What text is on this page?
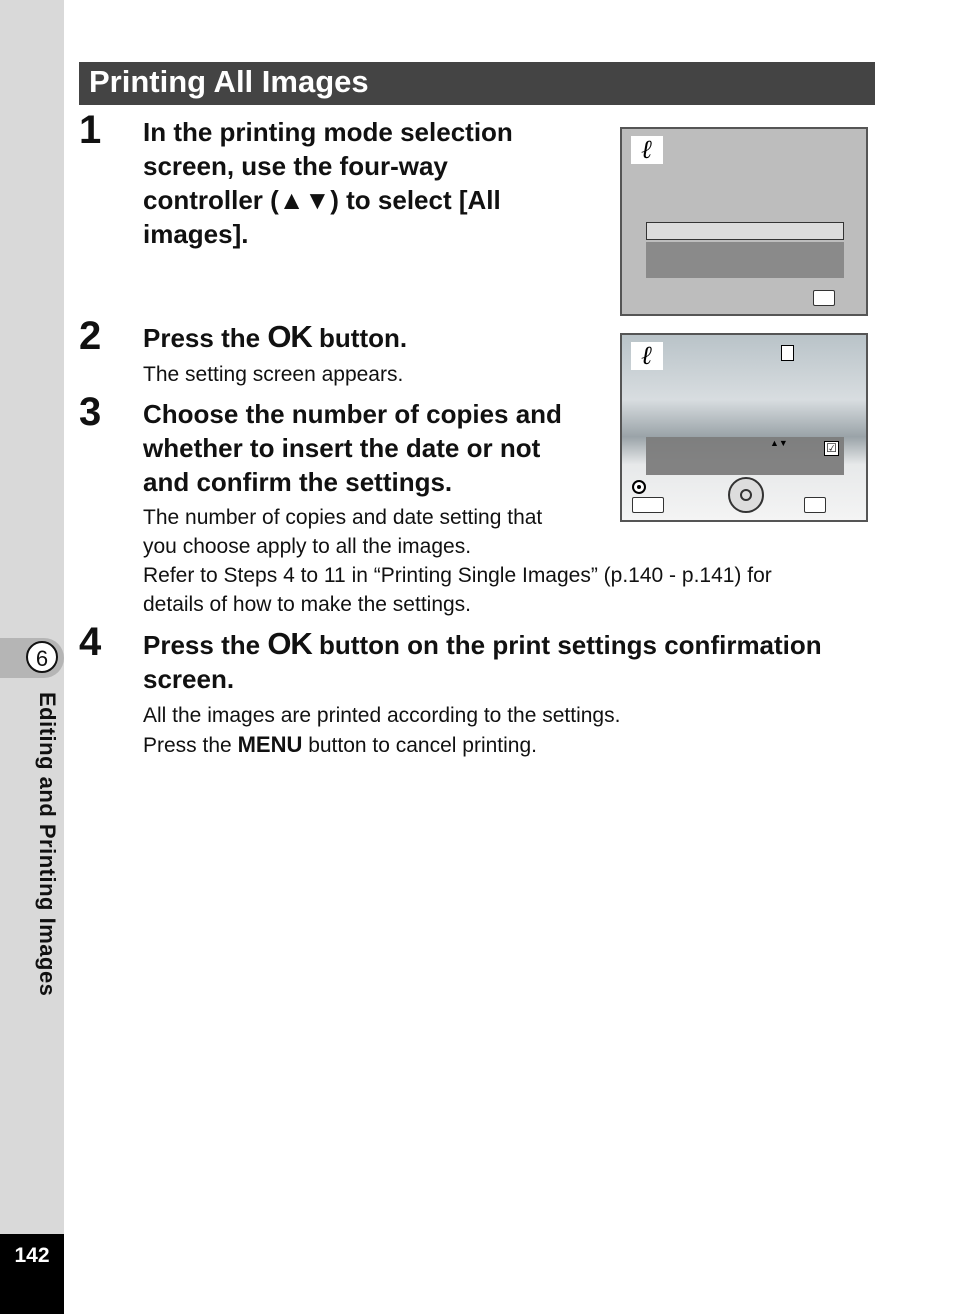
6
Editing and Printing Images
142
Printing All Images
1 In the printing mode selection
screen, use the four-way
controller (▲▼) to select [All
images].
ℓ
2 Press the OK button.
The setting screen appears.
ℓ
▲▼	☑
3 Choose the number of copies and
whether to insert the date or not
and confirm the settings.
The number of copies and date setting that
you choose apply to all the images.
Refer to Steps 4 to 11 in “Printing Single Images” (p.140 - p.141) for
details of how to make the settings.
4 Press the OK button on the print settings confirmation
screen.
All the images are printed according to the settings.
Press the MENU button to cancel printing.
